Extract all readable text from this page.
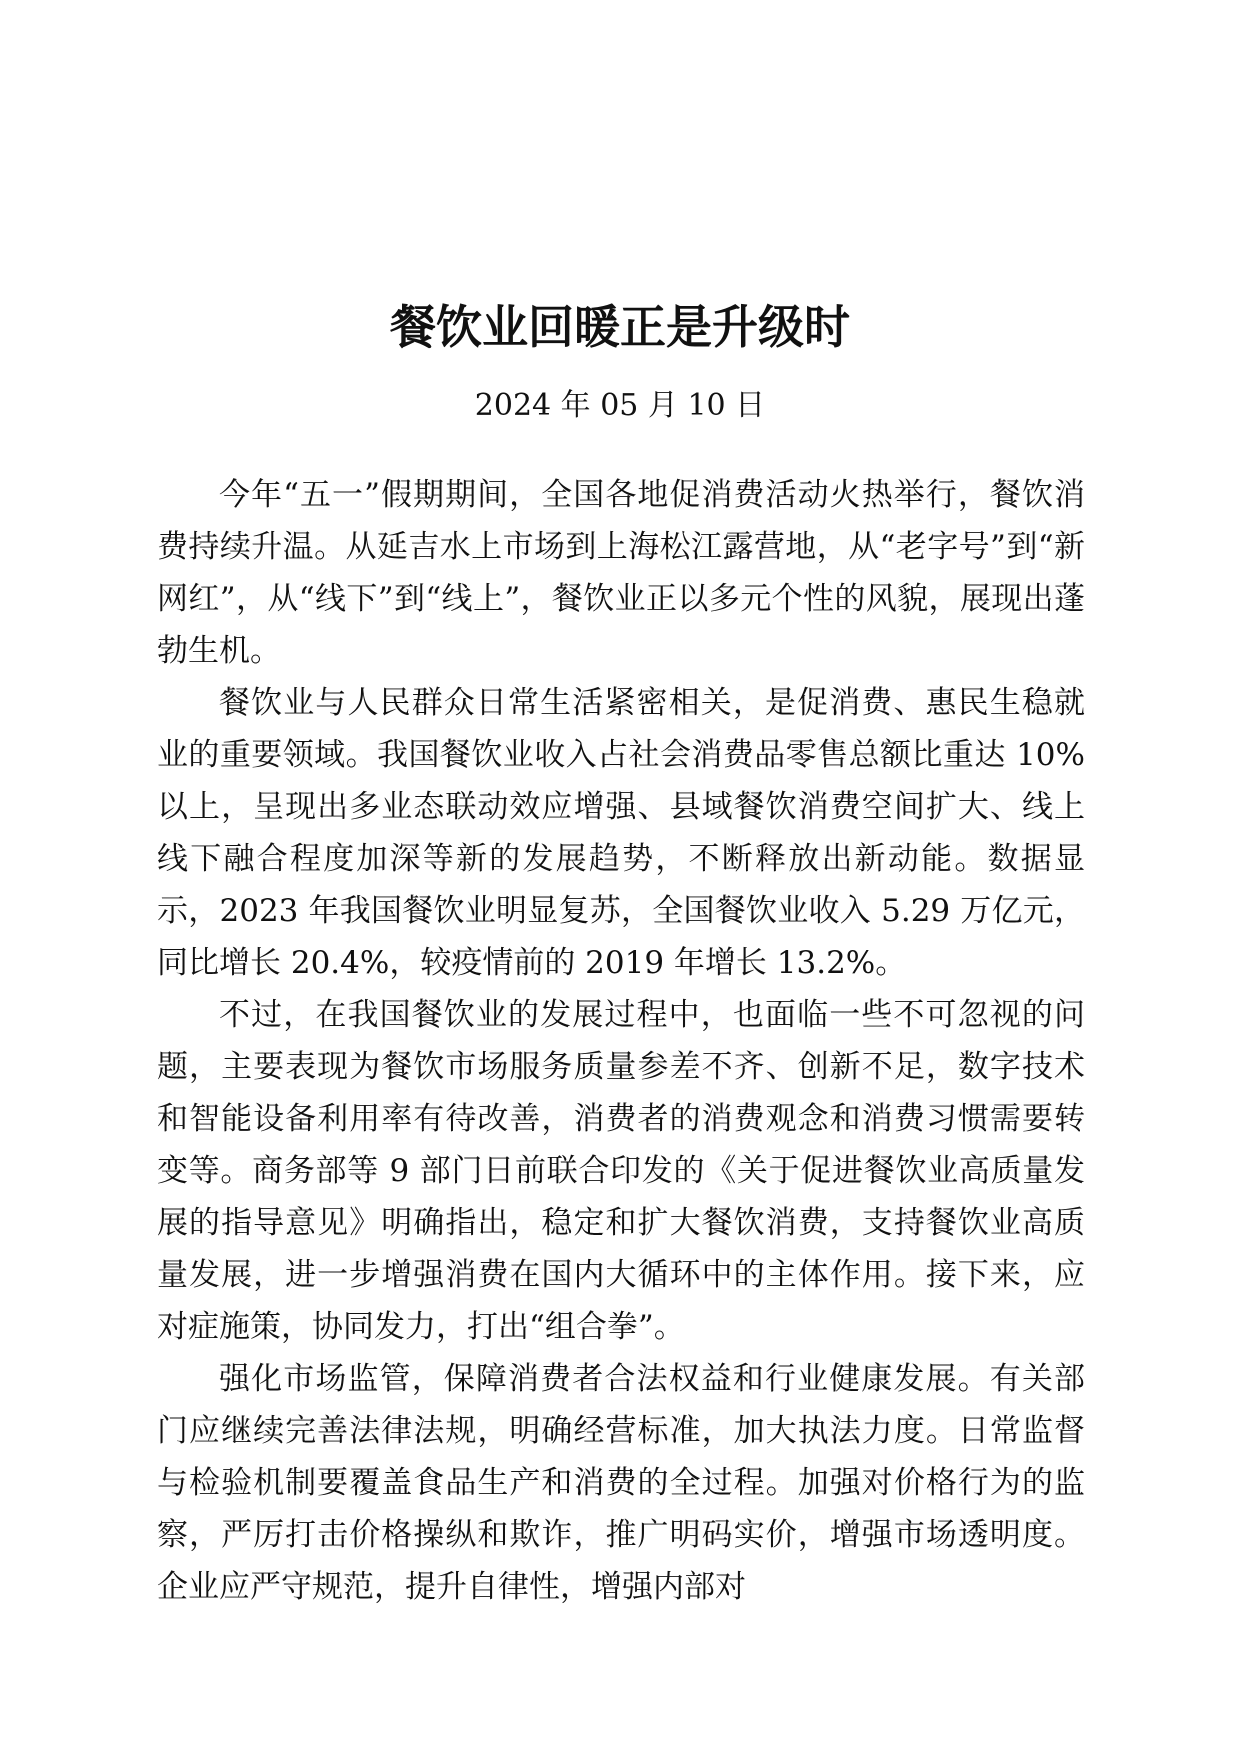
餐饮业回暖正是升级时
2024 年 05 月 10 日

今年“五一”假期期间，全国各地促消费活动火热举行，餐饮消费持续升温。从延吉水上市场到上海松江露营地，从“老字号”到“新网红”，从“线下”到“线上”，餐饮业正以多元个性的风貌，展现出蓬勃生机。

餐饮业与人民群众日常生活紧密相关，是促消费、惠民生稳就业的重要领域。我国餐饮业收入占社会消费品零售总额比重达 10%以上，呈现出多业态联动效应增强、县域餐饮消费空间扩大、线上线下融合程度加深等新的发展趋势，不断释放出新动能。数据显示，2023 年我国餐饮业明显复苏，全国餐饮业收入 5.29 万亿元，同比增长 20.4%，较疫情前的 2019 年增长 13.2%。

不过，在我国餐饮业的发展过程中，也面临一些不可忽视的问题，主要表现为餐饮市场服务质量参差不齐、创新不足，数字技术和智能设备利用率有待改善，消费者的消费观念和消费习惯需要转变等。商务部等 9 部门日前联合印发的《关于促进餐饮业高质量发展的指导意见》明确指出，稳定和扩大餐饮消费，支持餐饮业高质量发展，进一步增强消费在国内大循环中的主体作用。接下来，应对症施策，协同发力，打出“组合拳”。

强化市场监管，保障消费者合法权益和行业健康发展。有关部门应继续完善法律法规，明确经营标准，加大执法力度。日常监督与检验机制要覆盖食品生产和消费的全过程。加强对价格行为的监察，严厉打击价格操纵和欺诈，推广明码实价，增强市场透明度。企业应严守规范，提升自律性，增强内部对
